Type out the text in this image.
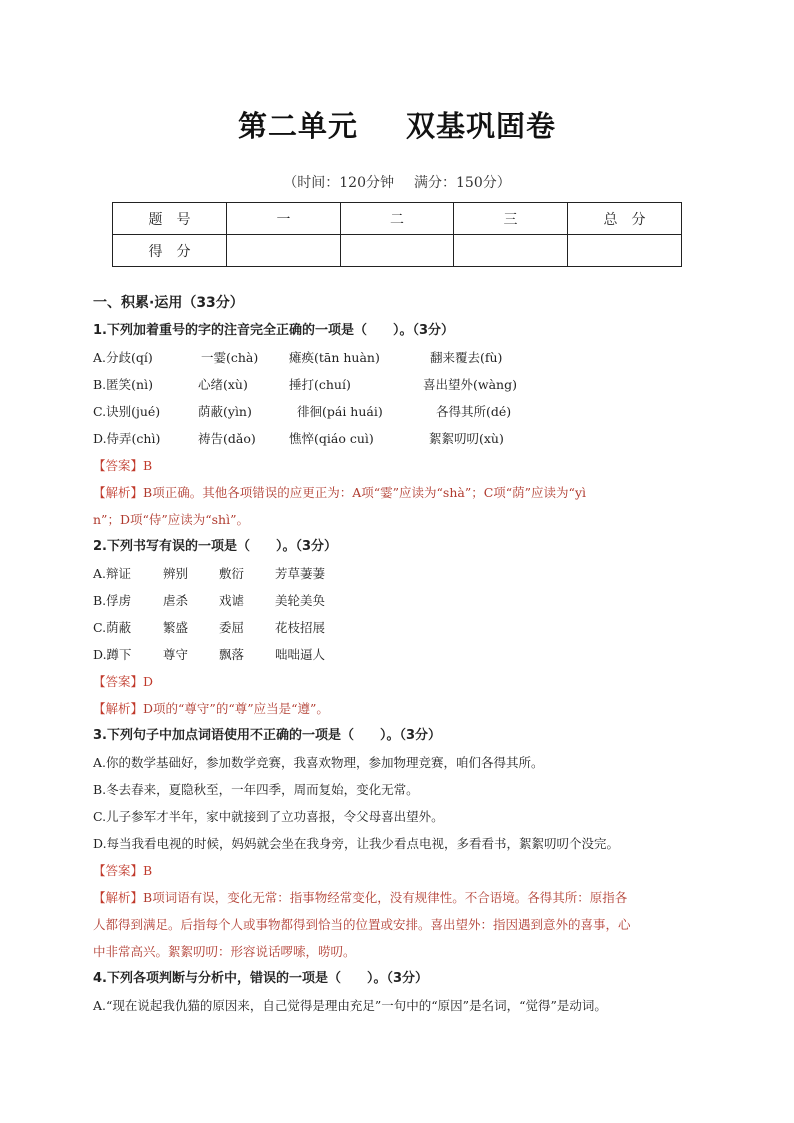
第二单元 双基巩固卷
（时间：120分钟 满分：150分）
题　号	一	二	三	总　分
得　分				
一、积累·运用（33分）
1.下列加着重号的字的注音完全正确的一项是（　　）。（3分）
A.分歧(qí)	一霎(chà) 瘫痪(tān huàn)	翻来覆去(fù)
B.匿笑(nì)	心绪(xù)	捶打(chuí)	喜出望外(wàng)
C.诀别(jué)	荫蔽(yìn)	徘徊(pái huái)	各得其所(dé)
D.侍弄(chì)	祷告(dǎo)	憔悴(qiáo cuì)	絮絮叨叨(xù)
【答案】B
【解析】B项正确。其他各项错误的应更正为：A项“霎”应读为“shà”；C项“荫”应读为“yì
n”；D项“侍”应读为“shì”。
2.下列书写有误的一项是（　　）。（3分）
A.辩证	辨别 敷衍 芳草萋萋
B.俘虏	虐杀 戏谑 美轮美奂
C.荫蔽	繁盛 委屈 花枝招展
D.蹲下	尊守 飘落 咄咄逼人
【答案】D
【解析】D项的“尊守”的“尊”应当是“遵”。
3.下列句子中加点词语使用不正确的一项是（　　）。（3分）
A.你的数学基础好，参加数学竞赛，我喜欢物理，参加物理竞赛，咱们各得其所。
B.冬去春来，夏隐秋至，一年四季，周而复始，变化无常。
C.儿子参军才半年，家中就接到了立功喜报，令父母喜出望外。
D.每当我看电视的时候，妈妈就会坐在我身旁，让我少看点电视，多看看书，絮絮叨叨个没完。
【答案】B
【解析】B项词语有误，变化无常：指事物经常变化，没有规律性。不合语境。各得其所：原指各
人都得到满足。后指每个人或事物都得到恰当的位置或安排。喜出望外：指因遇到意外的喜事，心
中非常高兴。絮絮叨叨：形容说话啰嗦，唠叨。
4.下列各项判断与分析中，错误的一项是（　　）。（3分）
A.“现在说起我仇猫的原因来，自己觉得是理由充足”一句中的“原因”是名词，“觉得”是动词。
